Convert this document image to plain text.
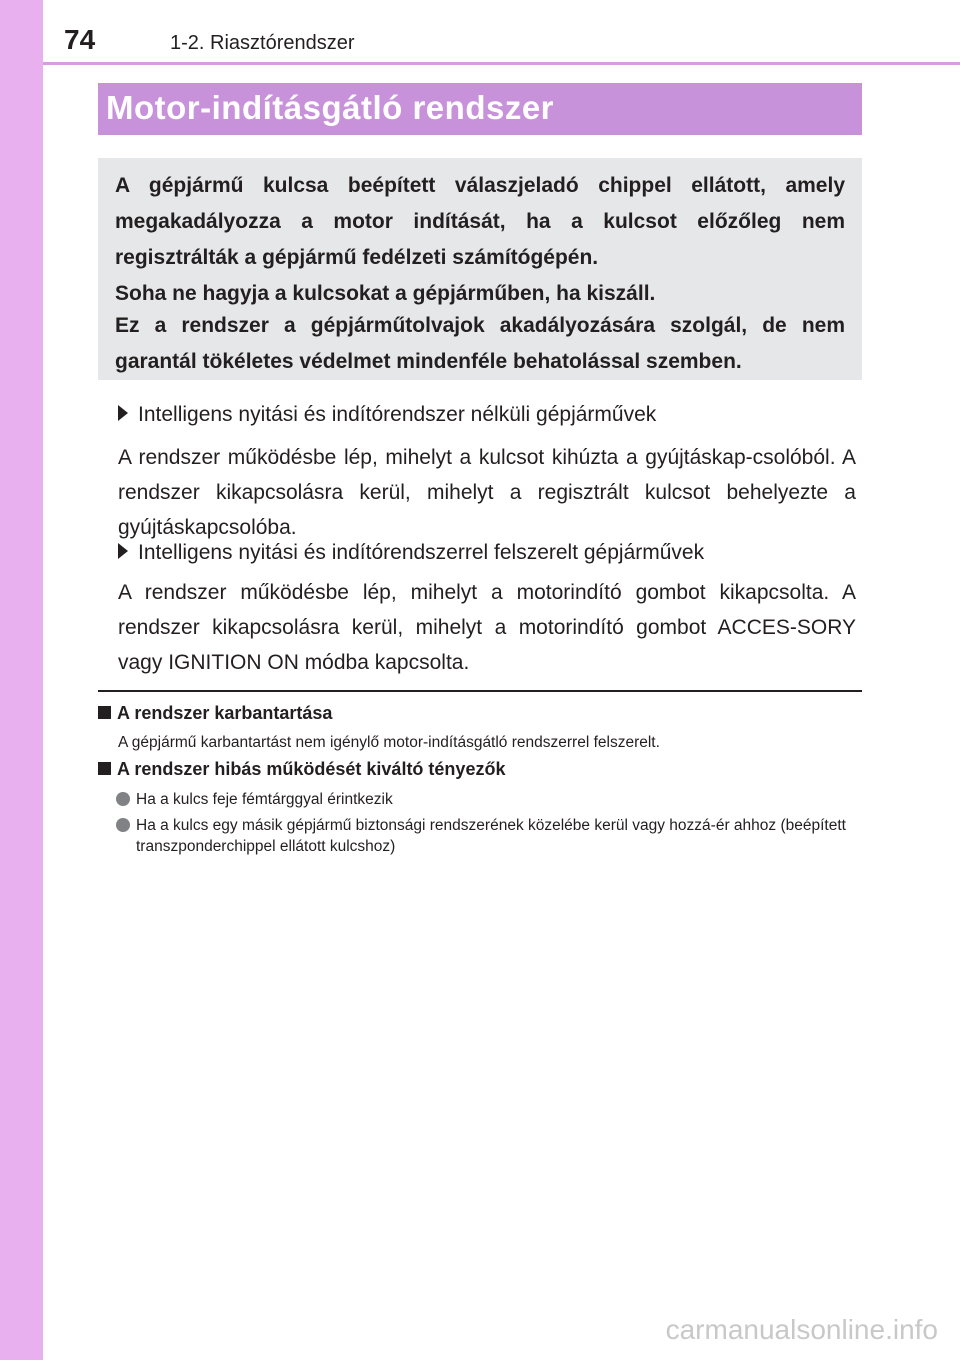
74	1-2. Riasztórendszer
Motor-indításgátló rendszer

A gépjármű kulcsa beépített válaszjeladó chippel ellátott, amely megakadályozza a motor indítását, ha a kulcsot előzőleg nem regisztrálták a gépjármű fedélzeti számítógépén.

Soha ne hagyja a kulcsokat a gépjárműben, ha kiszáll.

Ez a rendszer a gépjárműtolvajok akadályozására szolgál, de nem garantál tökéletes védelmet mindenféle behatolással szemben.

Intelligens nyitási és indítórendszer nélküli gépjárművek

A rendszer működésbe lép, mihelyt a kulcsot kihúzta a gyújtáskap-csolóból. A rendszer kikapcsolásra kerül, mihelyt a regisztrált kulcsot behelyezte a gyújtáskapcsolóba.

Intelligens nyitási és indítórendszerrel felszerelt gépjárművek

A rendszer működésbe lép, mihelyt a motorindító gombot kikapcsolta. A rendszer kikapcsolásra kerül, mihelyt a motorindító gombot ACCES-SORY vagy IGNITION ON módba kapcsolta.

A rendszer karbantartása
A gépjármű karbantartást nem igénylő motor-indításgátló rendszerrel felszerelt.
A rendszer hibás működését kiváltó tényezők
Ha a kulcs feje fémtárggyal érintkezik
Ha a kulcs egy másik gépjármű biztonsági rendszerének közelébe kerül vagy hozzá-ér ahhoz (beépített transzponderchippel ellátott kulcshoz)
carmanualsonline.info
